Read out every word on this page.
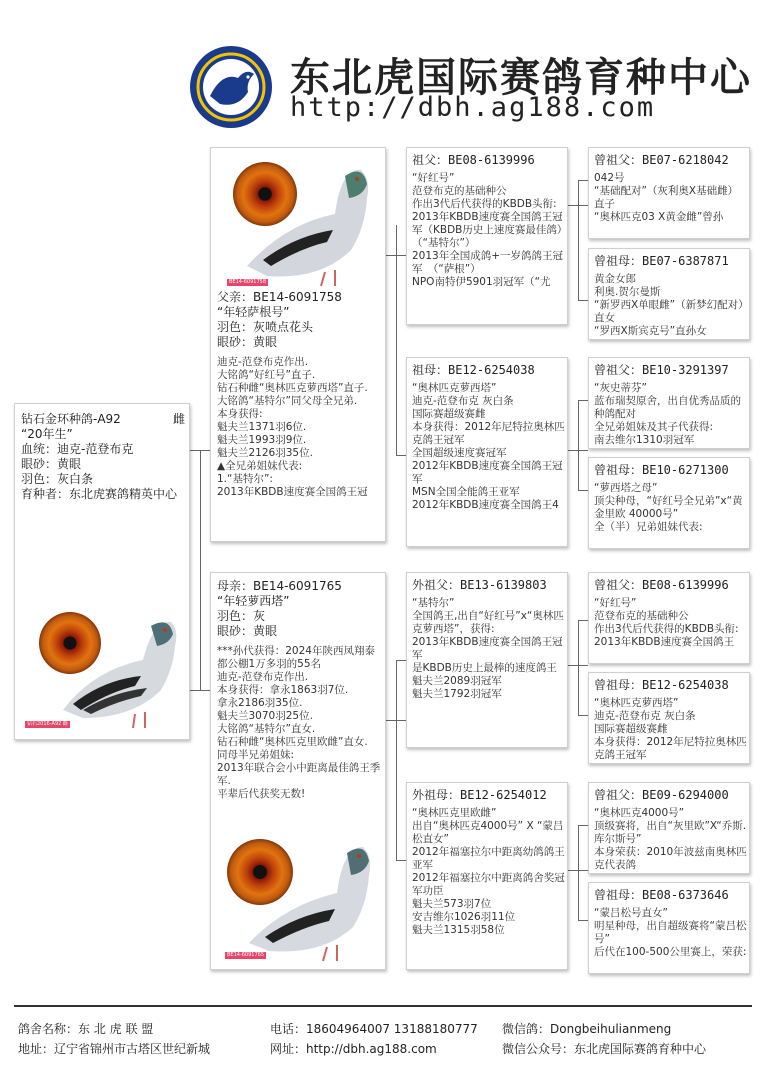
东北虎国际赛鸽育种中心
http://dbh.ag188.com
钻石金环种鸽-A92	雌
“20年生”
血统：迪克-范登布克
眼砂：黄眼
羽色：灰白条
育种者：东北虎赛鸽精英中心
钻石2016-A92 雌
BE14-6091758
父亲：BE14-6091758
“年轻萨根号”
羽色：灰喷点花头
眼砂：黄眼
迪克-范登布克作出.
大铭鸽“好红号”直子.
钻石种雌“奥林匹克萝西塔”直子.
大铭鸽“基特尔”同父母全兄弟.
本身获得:
魁夫兰1371羽6位.
魁夫兰1993羽9位.
魁夫兰2126羽35位.
▲全兄弟姐妹代表:
1.“基特尔”:
2013年KBDB速度赛全国鸽王冠
母亲：BE14-6091765
“年轻萝西塔”
羽色：灰
眼砂：黄眼
***孙代获得：2024年陕西凤翔泰都公棚1万多羽的55名
迪克-范登布克作出.
本身获得：拿永1863羽7位.
拿永2186羽35位.
魁夫兰3070羽25位.
大铭鸽“基特尔”直女.
钻石种雌“奥林匹克里欧雌”直女.
同母半兄弟姐妹:
2013年联合会小中距离最佳鸽王季军.
平辈后代获奖无数!
BE14-6091765
祖父：BE08-6139996
“好红号”
范登布克的基础种公
作出3代后代获得的KBDB头衔:
2013年KBDB速度赛全国鸽王冠军（KBDB历史上速度赛最佳鸽）（“基特尔”）
2013年全国成鸽+一岁鸽鸽王冠军　（“萨根”）
NPO南特伊5901羽冠军（“尤
祖母：BE12-6254038
“奥林匹克萝西塔”
迪克-范登布克 灰白条
国际赛超级赛雌
本身获得：2012年尼特拉奥林匹克鸽王冠军
全国超级速度赛冠军
2012年KBDB速度赛全国鸽王冠军
MSN全国全能鸽王亚军
2012年KBDB速度赛全国鸽王4
外祖父：BE13-6139803
“基特尔”
全国鸽王,出自“好红号”x“奥林匹克萝西塔”，获得:
2013年KBDB速度赛全国鸽王冠军
是KBDB历史上最棒的速度鸽王
魁夫兰2089羽冠军
魁夫兰1792羽冠军
外祖母：BE12-6254012
“奥林匹克里欧雌”
出自“奥林匹克4000号” X “蒙吕松直女”
2012年福塞拉尔中距离幼鸽鸽王亚军
2012年福塞拉尔中距离鸽舍奖冠军功臣
魁夫兰573羽7位
安吉维尔1026羽11位
魁夫兰1315羽58位
曾祖父：BE07-6218042
042号
“基础配对”（灰利奥X基础雌）直子
“奥林匹克03 X黄金雌”曾孙
曾祖母：BE07-6387871
黄金女郎
利奥.贺尔曼斯
“新罗西X单眼雌”（新梦幻配对）直女
“罗西X斯宾克号”直孙女
曾祖父：BE10-3291397
“灰史蒂芬”
蓝布瑞契原舍，出自优秀品质的种鸽配对
全兄弟姐妹及其子代获得:
南去维尔1310羽冠军
曾祖母：BE10-6271300
“萝西塔之母”
顶尖种母，“好红号全兄弟”x“黄金里欧 40000号”
全（半）兄弟姐妹代表:
曾祖父：BE08-6139996
“好红号”
范登布克的基础种公
作出3代后代获得的KBDB头衔:
2013年KBDB速度赛全国鸽王
曾祖母：BE12-6254038
“奥林匹克萝西塔”
迪克-范登布克 灰白条
国际赛超级赛雌
本身获得：2012年尼特拉奥林匹克鸽王冠军
曾祖父：BE09-6294000
“奥林匹克4000号”
顶级赛将，出自“灰里欧”X“乔斯.库尔斯号”
本身荣获：2010年波兹南奥林匹克代表鸽
曾祖母：BE08-6373646
“蒙吕松号直女”
明星种母，出自超级赛将“蒙吕松号”
后代在100-500公里赛上，荣获:
鸽舍名称：东 北 虎 联 盟
地址：辽宁省锦州市古塔区世纪新城
电话：18604964007 13188180777
网址：http://dbh.ag188.com
微信鸽：Dongbeihulianmeng
微信公众号：东北虎国际赛鸽育种中心
